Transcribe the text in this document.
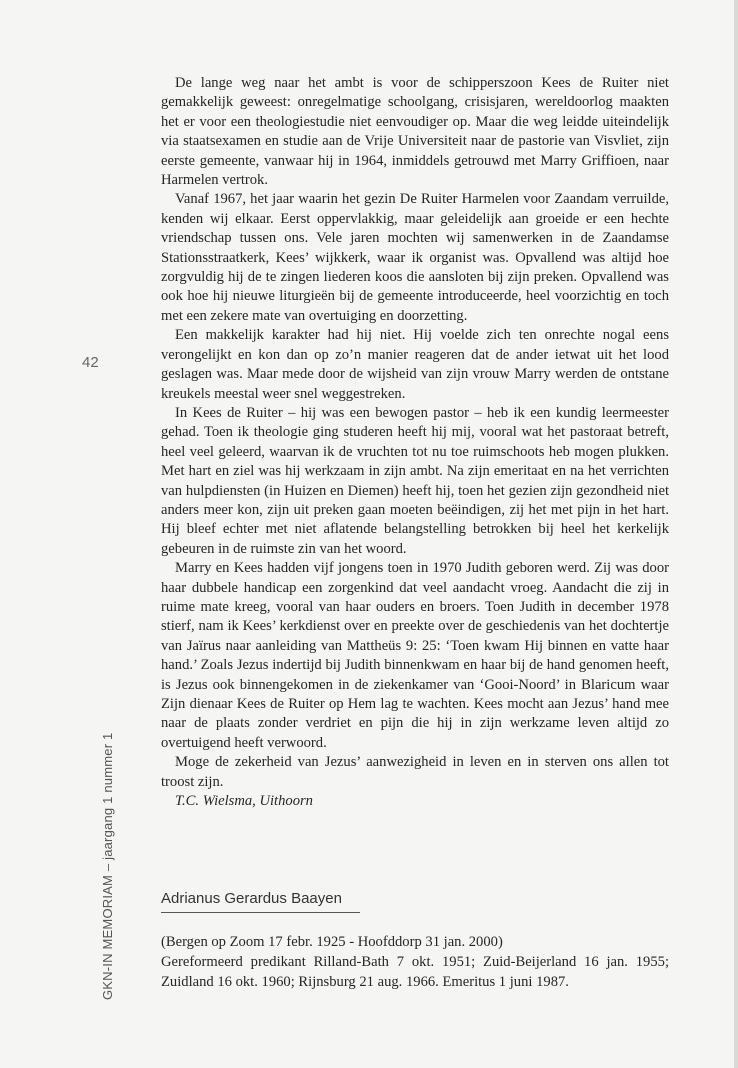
42
GKN-IN MEMORIAM – jaargang 1 nummer 1

De lange weg naar het ambt is voor de schipperszoon Kees de Ruiter niet gemakkelijk geweest: onregelmatige schoolgang, crisisjaren, wereldoorlog maakten het er voor een theologiestudie niet eenvoudiger op. Maar die weg leidde uiteindelijk via staatsexamen en studie aan de Vrije Universiteit naar de pastorie van Visvliet, zijn eerste gemeente, vanwaar hij in 1964, inmiddels getrouwd met Marry Griffioen, naar Harmelen vertrok.

Vanaf 1967, het jaar waarin het gezin De Ruiter Harmelen voor Zaandam verruilde, kenden wij elkaar. Eerst oppervlakkig, maar geleidelijk aan groeide er een hechte vriendschap tussen ons. Vele jaren mochten wij samenwerken in de Zaandamse Stationsstraatkerk, Kees’ wijkkerk, waar ik organist was. Opvallend was altijd hoe zorgvuldig hij de te zingen liederen koos die aansloten bij zijn preken. Opvallend was ook hoe hij nieuwe liturgieën bij de gemeente introduceerde, heel voorzichtig en toch met een zekere mate van overtuiging en doorzetting.

Een makkelijk karakter had hij niet. Hij voelde zich ten onrechte nogal eens verongelijkt en kon dan op zo’n manier reageren dat de ander ietwat uit het lood geslagen was. Maar mede door de wijsheid van zijn vrouw Marry werden de ontstane kreukels meestal weer snel weggestreken.

In Kees de Ruiter – hij was een bewogen pastor – heb ik een kundig leermeester gehad. Toen ik theologie ging studeren heeft hij mij, vooral wat het pastoraat betreft, heel veel geleerd, waarvan ik de vruchten tot nu toe ruimschoots heb mogen plukken. Met hart en ziel was hij werkzaam in zijn ambt. Na zijn emeritaat en na het verrichten van hulpdiensten (in Huizen en Diemen) heeft hij, toen het gezien zijn gezondheid niet anders meer kon, zijn uit preken gaan moeten beëindigen, zij het met pijn in het hart. Hij bleef echter met niet aflatende belangstelling betrokken bij heel het kerkelijk gebeuren in de ruimste zin van het woord.

Marry en Kees hadden vijf jongens toen in 1970 Judith geboren werd. Zij was door haar dubbele handicap een zorgenkind dat veel aandacht vroeg. Aandacht die zij in ruime mate kreeg, vooral van haar ouders en broers. Toen Judith in december 1978 stierf, nam ik Kees’ kerkdienst over en preekte over de geschiedenis van het dochtertje van Jaïrus naar aanleiding van Mattheüs 9: 25: ‘Toen kwam Hij binnen en vatte haar hand.’ Zoals Jezus indertijd bij Judith binnenkwam en haar bij de hand genomen heeft, is Jezus ook binnengekomen in de ziekenkamer van ‘Gooi-Noord’ in Blaricum waar Zijn dienaar Kees de Ruiter op Hem lag te wachten. Kees mocht aan Jezus’ hand mee naar de plaats zonder verdriet en pijn die hij in zijn werkzame leven altijd zo overtuigend heeft verwoord.

Moge de zekerheid van Jezus’ aanwezigheid in leven en in sterven ons allen tot troost zijn.

T.C. Wielsma, Uithoorn

Adrianus Gerardus Baayen

(Bergen op Zoom 17 febr. 1925 - Hoofddorp 31 jan. 2000)

Gereformeerd predikant Rilland-Bath 7 okt. 1951; Zuid-Beijerland 16 jan. 1955; Zuidland 16 okt. 1960; Rijnsburg 21 aug. 1966. Emeritus 1 juni 1987.
